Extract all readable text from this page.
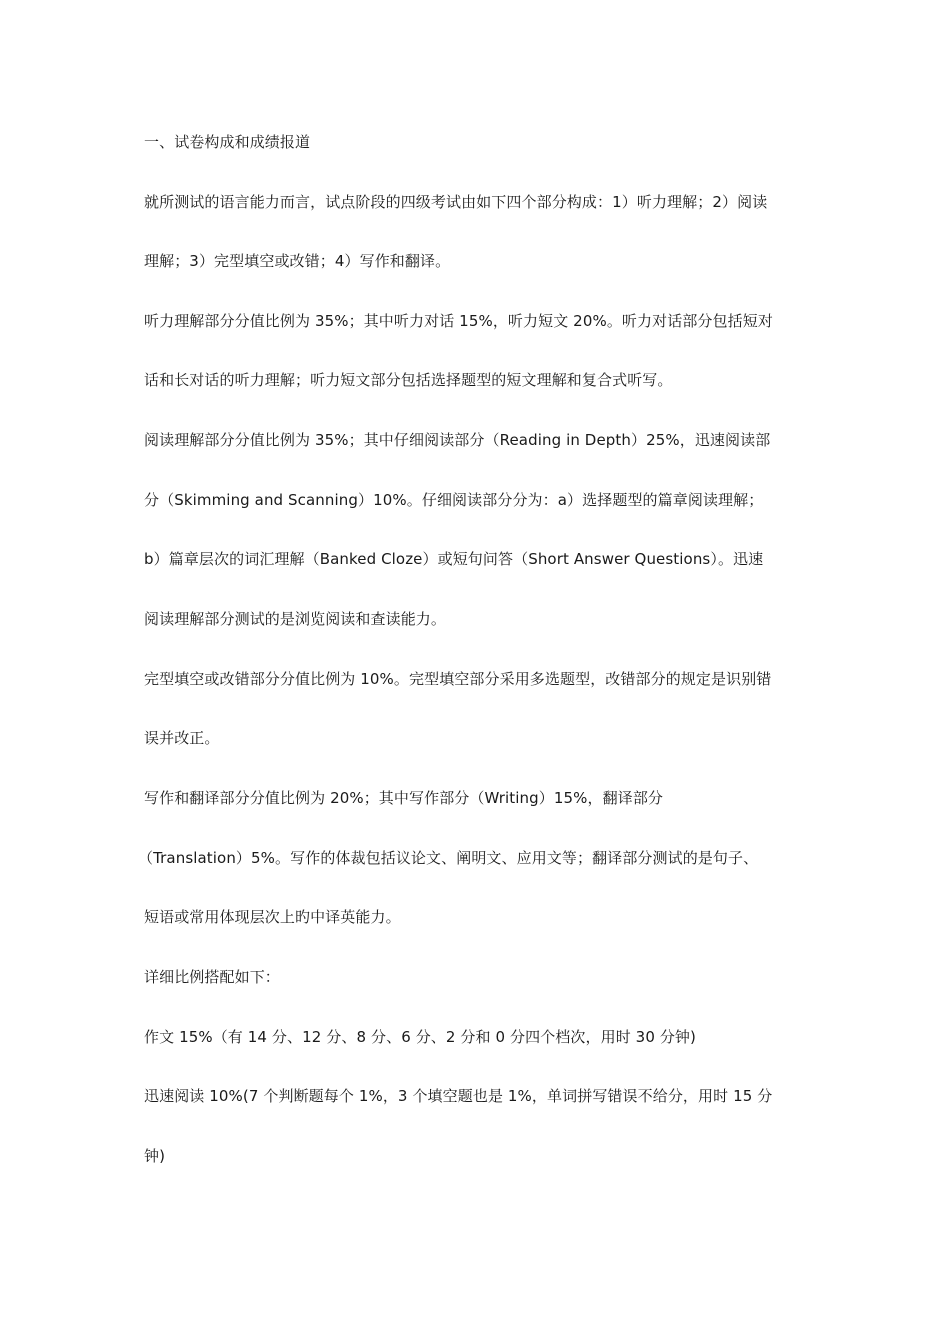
一、试卷构成和成绩报道
就所测试的语言能力而言，试点阶段的四级考试由如下四个部分构成：1）听力理解；2）阅读
理解；3）完型填空或改错；4）写作和翻译。
听力理解部分分值比例为 35%；其中听力对话 15%，听力短文 20%。听力对话部分包括短对
话和长对话的听力理解；听力短文部分包括选择题型的短文理解和复合式听写。
阅读理解部分分值比例为 35%；其中仔细阅读部分（Reading in Depth）25%，迅速阅读部
分（Skimming and Scanning）10%。仔细阅读部分分为：a）选择题型的篇章阅读理解；
b）篇章层次的词汇理解（Banked Cloze）或短句问答（Short Answer Questions）。迅速
阅读理解部分测试的是浏览阅读和查读能力。
完型填空或改错部分分值比例为 10%。完型填空部分采用多选题型，改错部分的规定是识别错
误并改正。
写作和翻译部分分值比例为 20%；其中写作部分（Writing）15%，翻译部分
（Translation）5%。写作的体裁包括议论文、阐明文、应用文等；翻译部分测试的是句子、
短语或常用体现层次上旳中译英能力。
详细比例搭配如下：
作文 15%（有 14 分、12 分、8 分、6 分、2 分和 0 分四个档次，用时 30 分钟)
迅速阅读 10%(7 个判断题每个 1%，3 个填空题也是 1%，单词拼写错误不给分，用时 15 分
钟)
